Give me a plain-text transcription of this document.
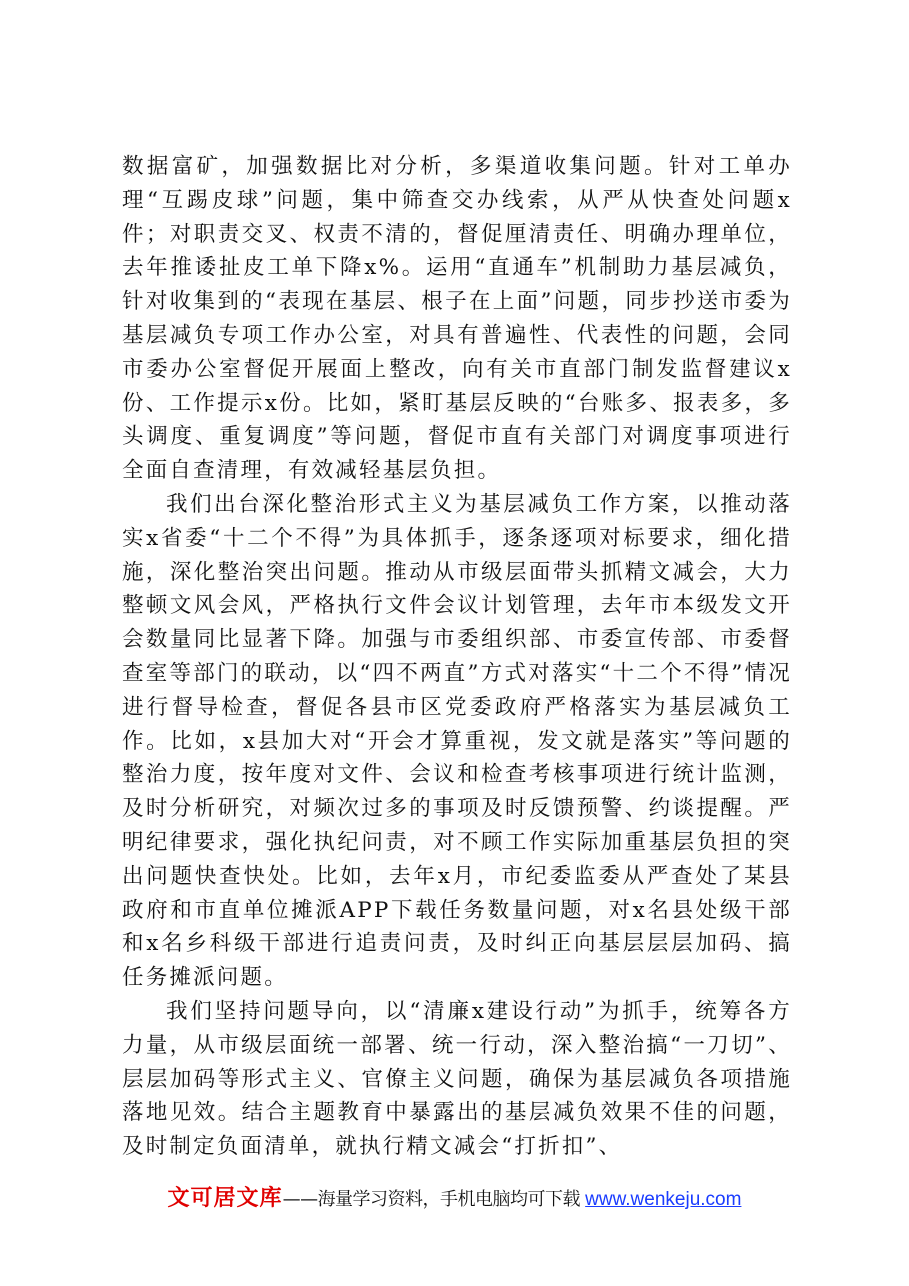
数据富矿，加强数据比对分析，多渠道收集问题。针对工单办理“互踢皮球”问题，集中筛查交办线索，从严从快查处问题x件；对职责交叉、权责不清的，督促厘清责任、明确办理单位，去年推诿扯皮工单下降x%。运用“直通车”机制助力基层减负，针对收集到的“表现在基层、根子在上面”问题，同步抄送市委为基层减负专项工作办公室，对具有普遍性、代表性的问题，会同市委办公室督促开展面上整改，向有关市直部门制发监督建议x份、工作提示x份。比如，紧盯基层反映的“台账多、报表多，多头调度、重复调度”等问题，督促市直有关部门对调度事项进行全面自查清理，有效减轻基层负担。

我们出台深化整治形式主义为基层减负工作方案，以推动落实x省委“十二个不得”为具体抓手，逐条逐项对标要求，细化措施，深化整治突出问题。推动从市级层面带头抓精文减会，大力整顿文风会风，严格执行文件会议计划管理，去年市本级发文开会数量同比显著下降。加强与市委组织部、市委宣传部、市委督查室等部门的联动，以“四不两直”方式对落实“十二个不得”情况进行督导检查，督促各县市区党委政府严格落实为基层减负工作。比如，x县加大对“开会才算重视，发文就是落实”等问题的整治力度，按年度对文件、会议和检查考核事项进行统计监测，及时分析研究，对频次过多的事项及时反馈预警、约谈提醒。严明纪律要求，强化执纪问责，对不顾工作实际加重基层负担的突出问题快查快处。比如，去年x月，市纪委监委从严查处了某县政府和市直单位摊派APP下载任务数量问题，对x名县处级干部和x名乡科级干部进行追责问责，及时纠正向基层层层加码、搞任务摊派问题。

我们坚持问题导向，以“清廉x建设行动”为抓手，统筹各方力量，从市级层面统一部署、统一行动，深入整治搞“一刀切”、层层加码等形式主义、官僚主义问题，确保为基层减负各项措施落地见效。结合主题教育中暴露出的基层减负效果不佳的问题，及时制定负面清单，就执行精文减会“打折扣”、

文可居文库——海量学习资料，手机电脑均可下载 www.wenkeju.com
